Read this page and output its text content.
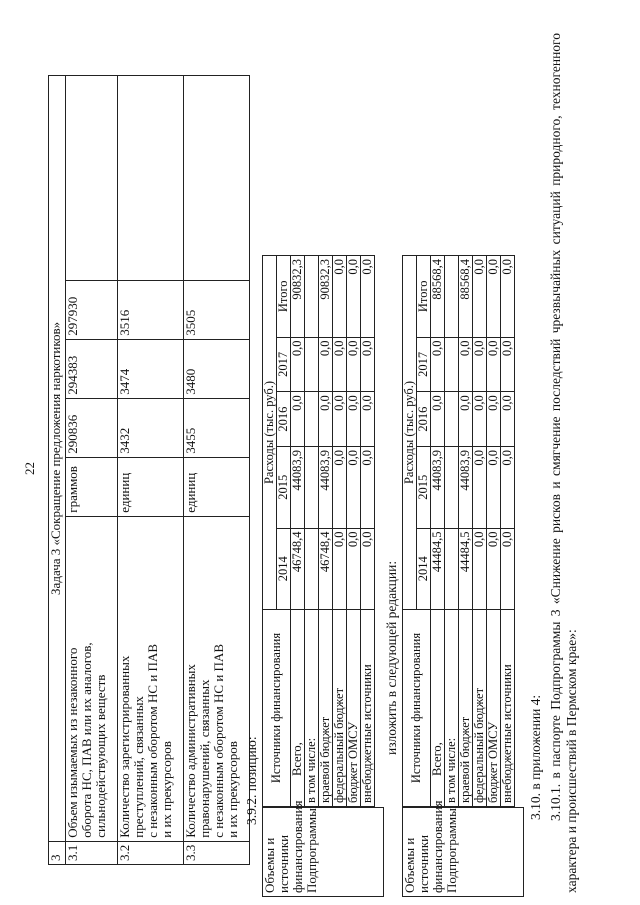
22
3	Задача 3 «Сокращение предложения наркотиков»					
3.1	Объем изымаемых из незаконного оборота НС, ПАВ или их аналогов, сильнодействующих веществ	граммов	290836	294383	297930	
3.2	Количество зарегистрированных преступлений, связанных с незаконным оборотом НС и ПАВ и их прекурсоров	единиц	3432	3474	3516	
3.3	Количество административных правонарушений, связанных с незаконным оборотом НС и ПАВ и их прекурсоров	единиц	3455	3480	3505	
3.9.2. позицию:
Объемы и источники финансирования Подпрограммы
Источники финансирования	Расходы (тыс. руб.)				
	2014	2015	2016	2017	Итого
Всего,	46748,4	44083,9	0,0	0,0	90832,3
в том числе:					
краевой бюджет	46748,4	44083,9	0,0	0,0	90832,3
федеральный бюджет	0,0	0,0	0,0	0,0	0,0
бюджет ОМСУ	0,0	0,0	0,0	0,0	0,0
внебюджетные источники	0,0	0,0	0,0	0,0	0,0
изложить в следующей редакции:
Объемы и источники финансирования Подпрограммы
Источники финансирования	Расходы (тыс. руб.)				
	2014	2015	2016	2017	Итого
Всего,	44484,5	44083,9	0,0	0,0	88568,4
в том числе:					
краевой бюджет	44484,5	44083,9	0,0	0,0	88568,4
федеральный бюджет	0,0	0,0	0,0	0,0	0,0
бюджет ОМСУ	0,0	0,0	0,0	0,0	0,0
внебюджетные источники	0,0	0,0	0,0	0,0	0,0
3.10. в приложении 4: 3.10.1. в паспорте Подпрограммы 3 «Снижение рисков и смягчение последствий чрезвычайных ситуаций природного, техногенного характера и происшествий в Пермском крае»:
